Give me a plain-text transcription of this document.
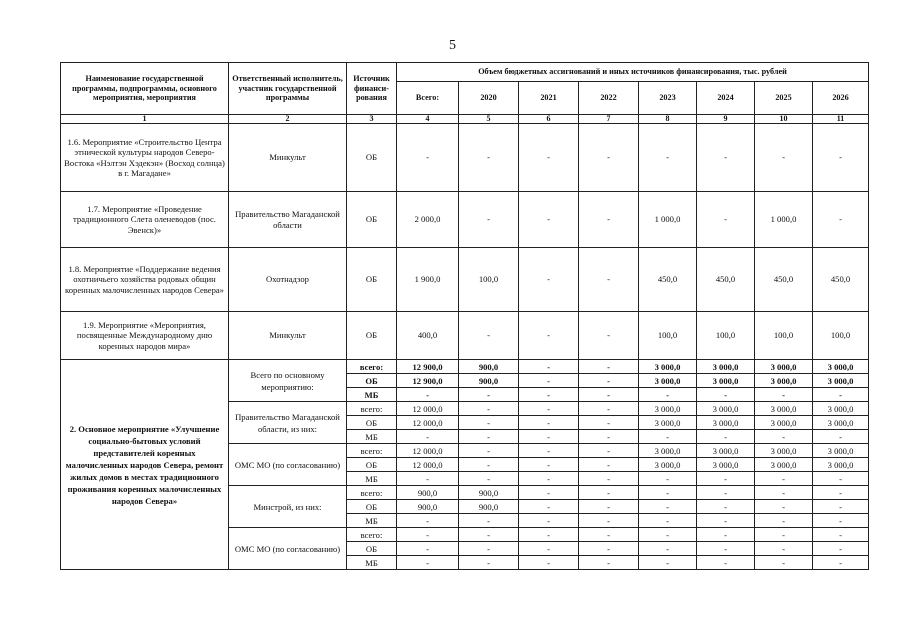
5
Наименование государственной программы, подпрограммы, основного мероприятия, мероприятия	Ответственный исполнитель, участник государственной программы	Источник финанси-рования	Объем бюджетных ассигнований и иных источников финансирования, тыс. рублей							
			Всего:	2020	2021	2022	2023	2024	2025	2026
1	2	3	4	5	6	7	8	9	10	11
1.6. Мероприятие «Строительство Центра этнической культуры народов Северо-Востока «Нэлтэн Хэдекэн» (Восход солнца) в г. Магадане»	Минкульт	ОБ	-	-	-	-	-	-	-	-
1.7. Мероприятие «Проведение традиционного Слета оленеводов (пос. Эвенск)»	Правительство Магаданской области	ОБ	2 000,0	-	-	-	1 000,0	-	1 000,0	-
1.8. Мероприятие «Поддержание ведения охотничьего хозяйства родовых общин коренных малочисленных народов Севера»	Охотнадзор	ОБ	1 900,0	100,0	-	-	450,0	450,0	450,0	450,0
1.9. Мероприятие «Мероприятия, посвященные Международному дню коренных народов мира»	Минкульт	ОБ	400,0	-	-	-	100,0	100,0	100,0	100,0
2. Основное мероприятие «Улучшение социально-бытовых условий представителей коренных малочисленных народов Севера, ремонт жилых домов в местах традиционного проживания коренных малочисленных народов Севера»	Всего по основному мероприятию:	всего:	12 900,0	900,0	-	-	3 000,0	3 000,0	3 000,0	3 000,0
		ОБ	12 900,0	900,0	-	-	3 000,0	3 000,0	3 000,0	3 000,0
		МБ	-	-	-	-	-	-	-	-
	Правительство Магаданской области, из них:	всего:	12 000,0	-	-	-	3 000,0	3 000,0	3 000,0	3 000,0
		ОБ	12 000,0	-	-	-	3 000,0	3 000,0	3 000,0	3 000,0
		МБ	-	-	-	-	-	-	-	-
	ОМС МО (по согласованию)	всего:	12 000,0	-	-	-	3 000,0	3 000,0	3 000,0	3 000,0
		ОБ	12 000,0	-	-	-	3 000,0	3 000,0	3 000,0	3 000,0
		МБ	-	-	-	-	-	-	-	-
	Минстрой, из них:	всего:	900,0	900,0	-	-	-	-	-	-
		ОБ	900,0	900,0	-	-	-	-	-	-
		МБ	-	-	-	-	-	-	-	-
	ОМС МО (по согласованию)	всего:	-	-	-	-	-	-	-	-
		ОБ	-	-	-	-	-	-	-	-
		МБ	-	-	-	-	-	-	-	-
